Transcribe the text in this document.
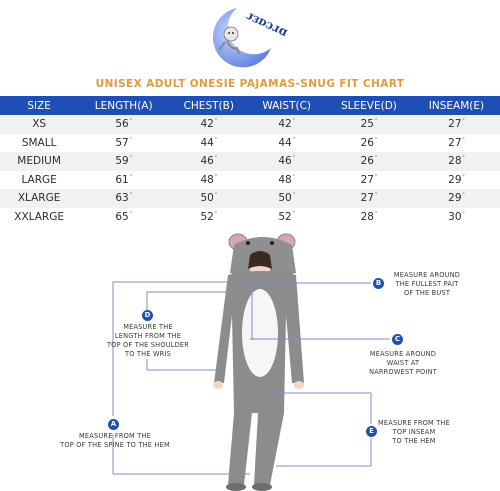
ᴊᴈᴅɔɹɑ
UNISEX ADULT ONESIE PAJAMAS-SNUG FIT CHART
SIZE	LENGTH(A)	CHEST(B)	WAIST(C)	SLEEVE(D)	INSEAM(E)
XS	56″	42″	42″	25″	27″
SMALL	57″	44″	44″	26″	27″
MEDIUM	59″	46″	46″	26″	28″
LARGE	61″	48″	48″	27″	29″
XLARGE	63″	50″	50″	27″	29″
XXLARGE	65″	52″	52″	28″	30″
A
MEASURE FROM THE
TOP OF THE SPINE TO THE HEM
B
MEASURE AROUND
THE FULLEST PAIT
OF THE BUST
C
MEASURE AROUND
WAIST AT
NARROWEST POINT
D
MEASURE THE
LENGTH FROM THE
TOP OF THE SHOULDER
TO THE WRIS
E
MEASURE FROM THE
TOP INSEAM
TO THE HEM
